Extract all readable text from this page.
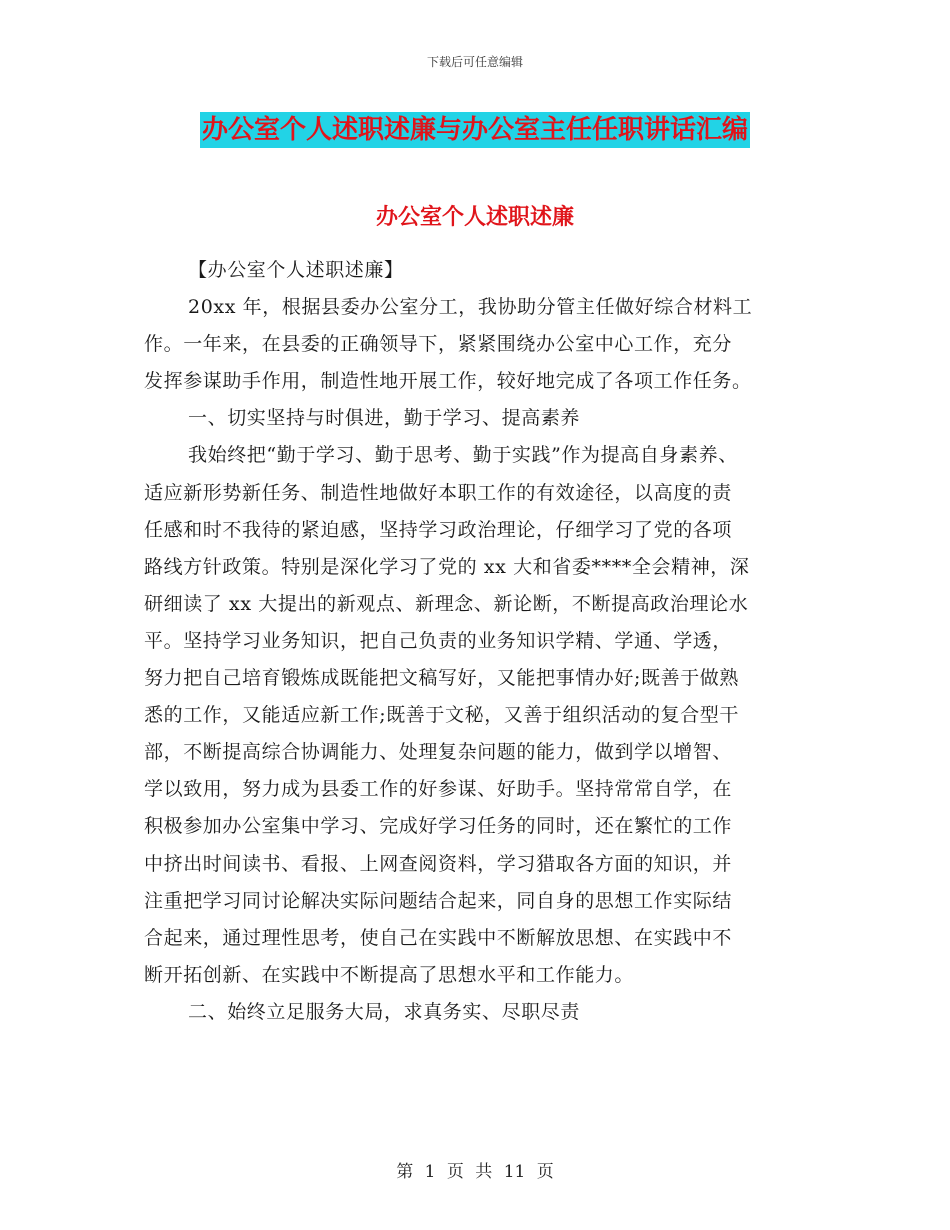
下载后可任意编辑
办公室个人述职述廉与办公室主任任职讲话汇编
办公室个人述职述廉

【办公室个人述职述廉】

20xx 年，根据县委办公室分工，我协助分管主任做好综合材料工

作。一年来，在县委的正确领导下，紧紧围绕办公室中心工作，充分

发挥参谋助手作用，制造性地开展工作，较好地完成了各项工作任务。

一、切实坚持与时俱进，勤于学习、提高素养

我始终把“勤于学习、勤于思考、勤于实践”作为提高自身素养、

适应新形势新任务、制造性地做好本职工作的有效途径，以高度的责

任感和时不我待的紧迫感，坚持学习政治理论，仔细学习了党的各项

路线方针政策。特别是深化学习了党的 xx 大和省委****全会精神，深

研细读了 xx 大提出的新观点、新理念、新论断，不断提高政治理论水

平。坚持学习业务知识，把自己负责的业务知识学精、学通、学透，

努力把自己培育锻炼成既能把文稿写好，又能把事情办好;既善于做熟

悉的工作，又能适应新工作;既善于文秘，又善于组织活动的复合型干

部，不断提高综合协调能力、处理复杂问题的能力，做到学以增智、

学以致用，努力成为县委工作的好参谋、好助手。坚持常常自学，在

积极参加办公室集中学习、完成好学习任务的同时，还在繁忙的工作

中挤出时间读书、看报、上网查阅资料，学习猎取各方面的知识，并

注重把学习同讨论解决实际问题结合起来，同自身的思想工作实际结

合起来，通过理性思考，使自己在实践中不断解放思想、在实践中不

断开拓创新、在实践中不断提高了思想水平和工作能力。

二、始终立足服务大局，求真务实、尽职尽责

第 1 页 共 11 页
